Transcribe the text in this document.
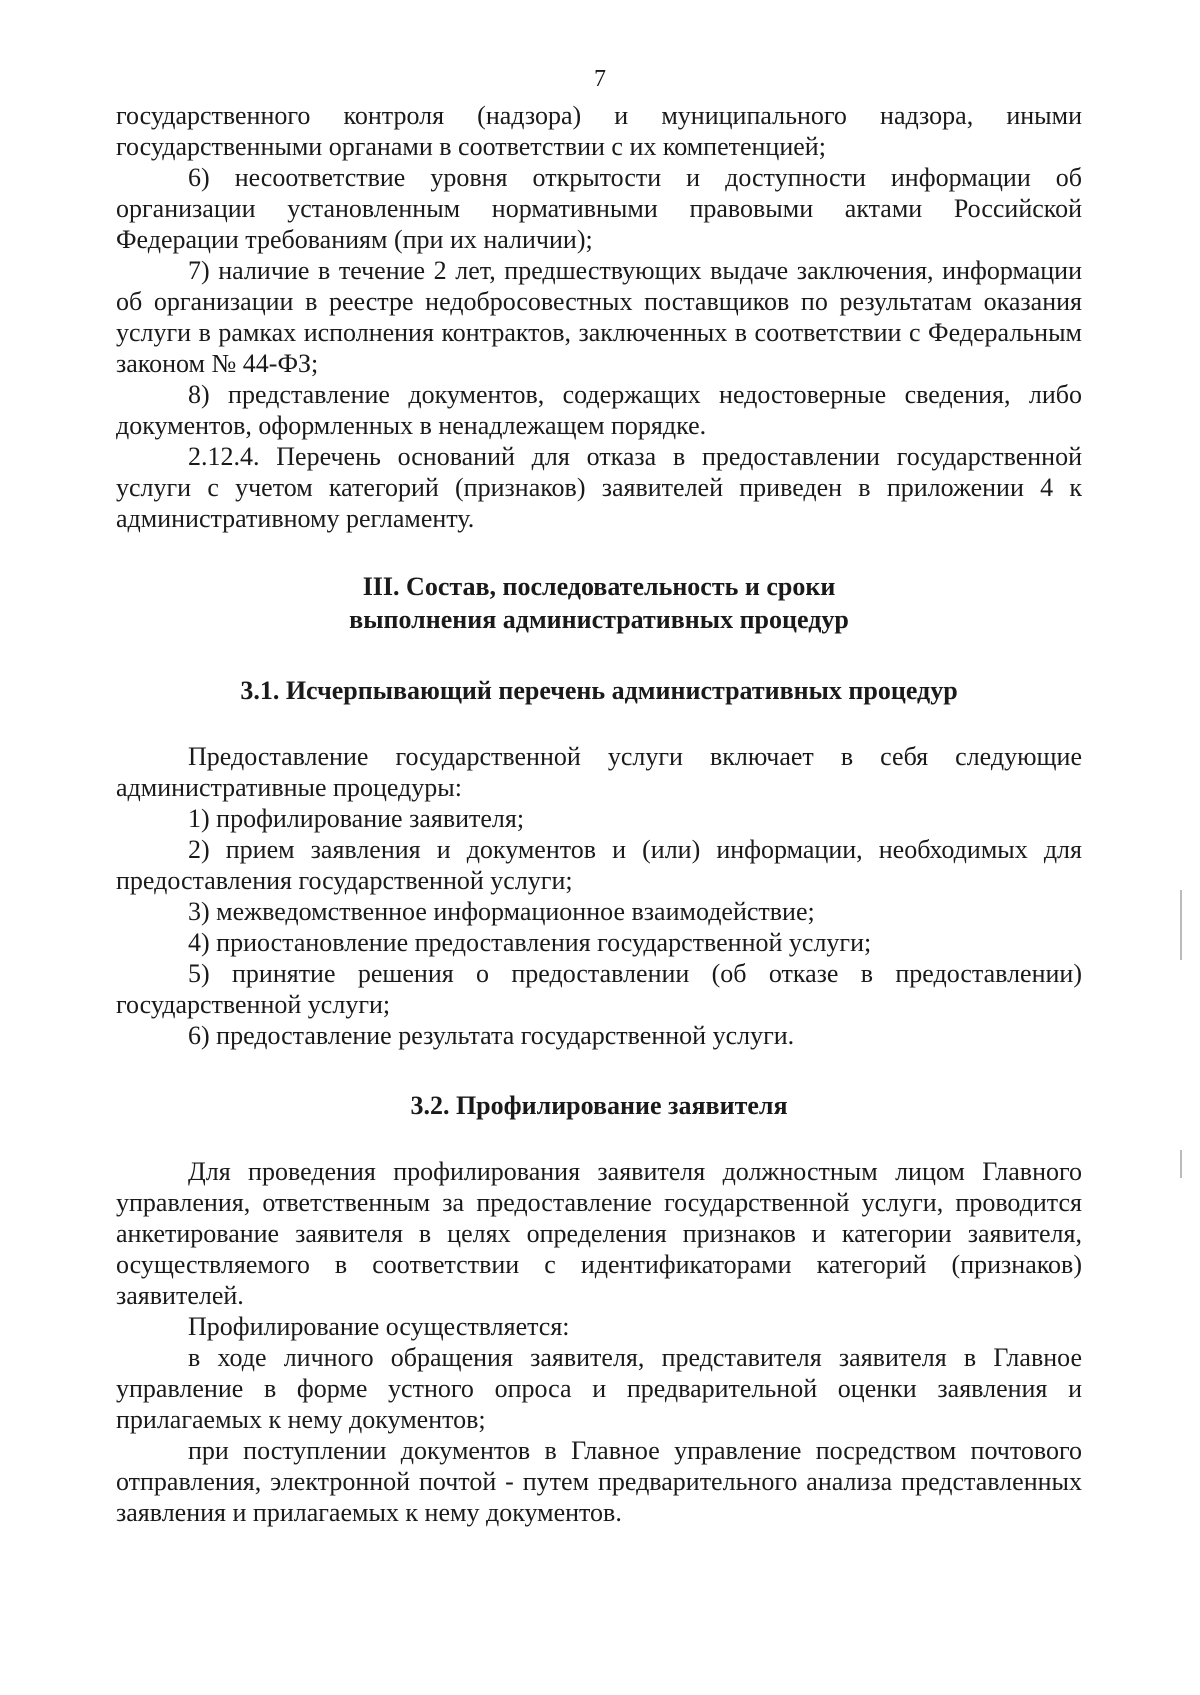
7

государственного контроля (надзора) и муниципального надзора, иными государственными органами в соответствии с их компетенцией;

6) несоответствие уровня открытости и доступности информации об организации установленным нормативными правовыми актами Российской Федерации требованиям (при их наличии);

7) наличие в течение 2 лет, предшествующих выдаче заключения, информации об организации в реестре недобросовестных поставщиков по результатам оказания услуги в рамках исполнения контрактов, заключенных в соответствии с Федеральным законом № 44-ФЗ;

8) представление документов, содержащих недостоверные сведения, либо документов, оформленных в ненадлежащем порядке.

2.12.4. Перечень оснований для отказа в предоставлении государственной услуги с учетом категорий (признаков) заявителей приведен в приложении 4 к административному регламенту.

III. Состав, последовательность и сроки

выполнения административных процедур

3.1. Исчерпывающий перечень административных процедур

Предоставление государственной услуги включает в себя следующие административные процедуры:

1) профилирование заявителя;

2) прием заявления и документов и (или) информации, необходимых для предоставления государственной услуги;

3) межведомственное информационное взаимодействие;

4) приостановление предоставления государственной услуги;

5) принятие решения о предоставлении (об отказе в предоставлении) государственной услуги;

6) предоставление результата государственной услуги.

3.2. Профилирование заявителя

Для проведения профилирования заявителя должностным лицом Главного управления, ответственным за предоставление государственной услуги, проводится анкетирование заявителя в целях определения признаков и категории заявителя, осуществляемого в соответствии с идентификаторами категорий (признаков) заявителей.

Профилирование осуществляется:

в ходе личного обращения заявителя, представителя заявителя в Главное управление в форме устного опроса и предварительной оценки заявления и прилагаемых к нему документов;

при поступлении документов в Главное управление посредством почтового отправления, электронной почтой - путем предварительного анализа представленных заявления и прилагаемых к нему документов.
